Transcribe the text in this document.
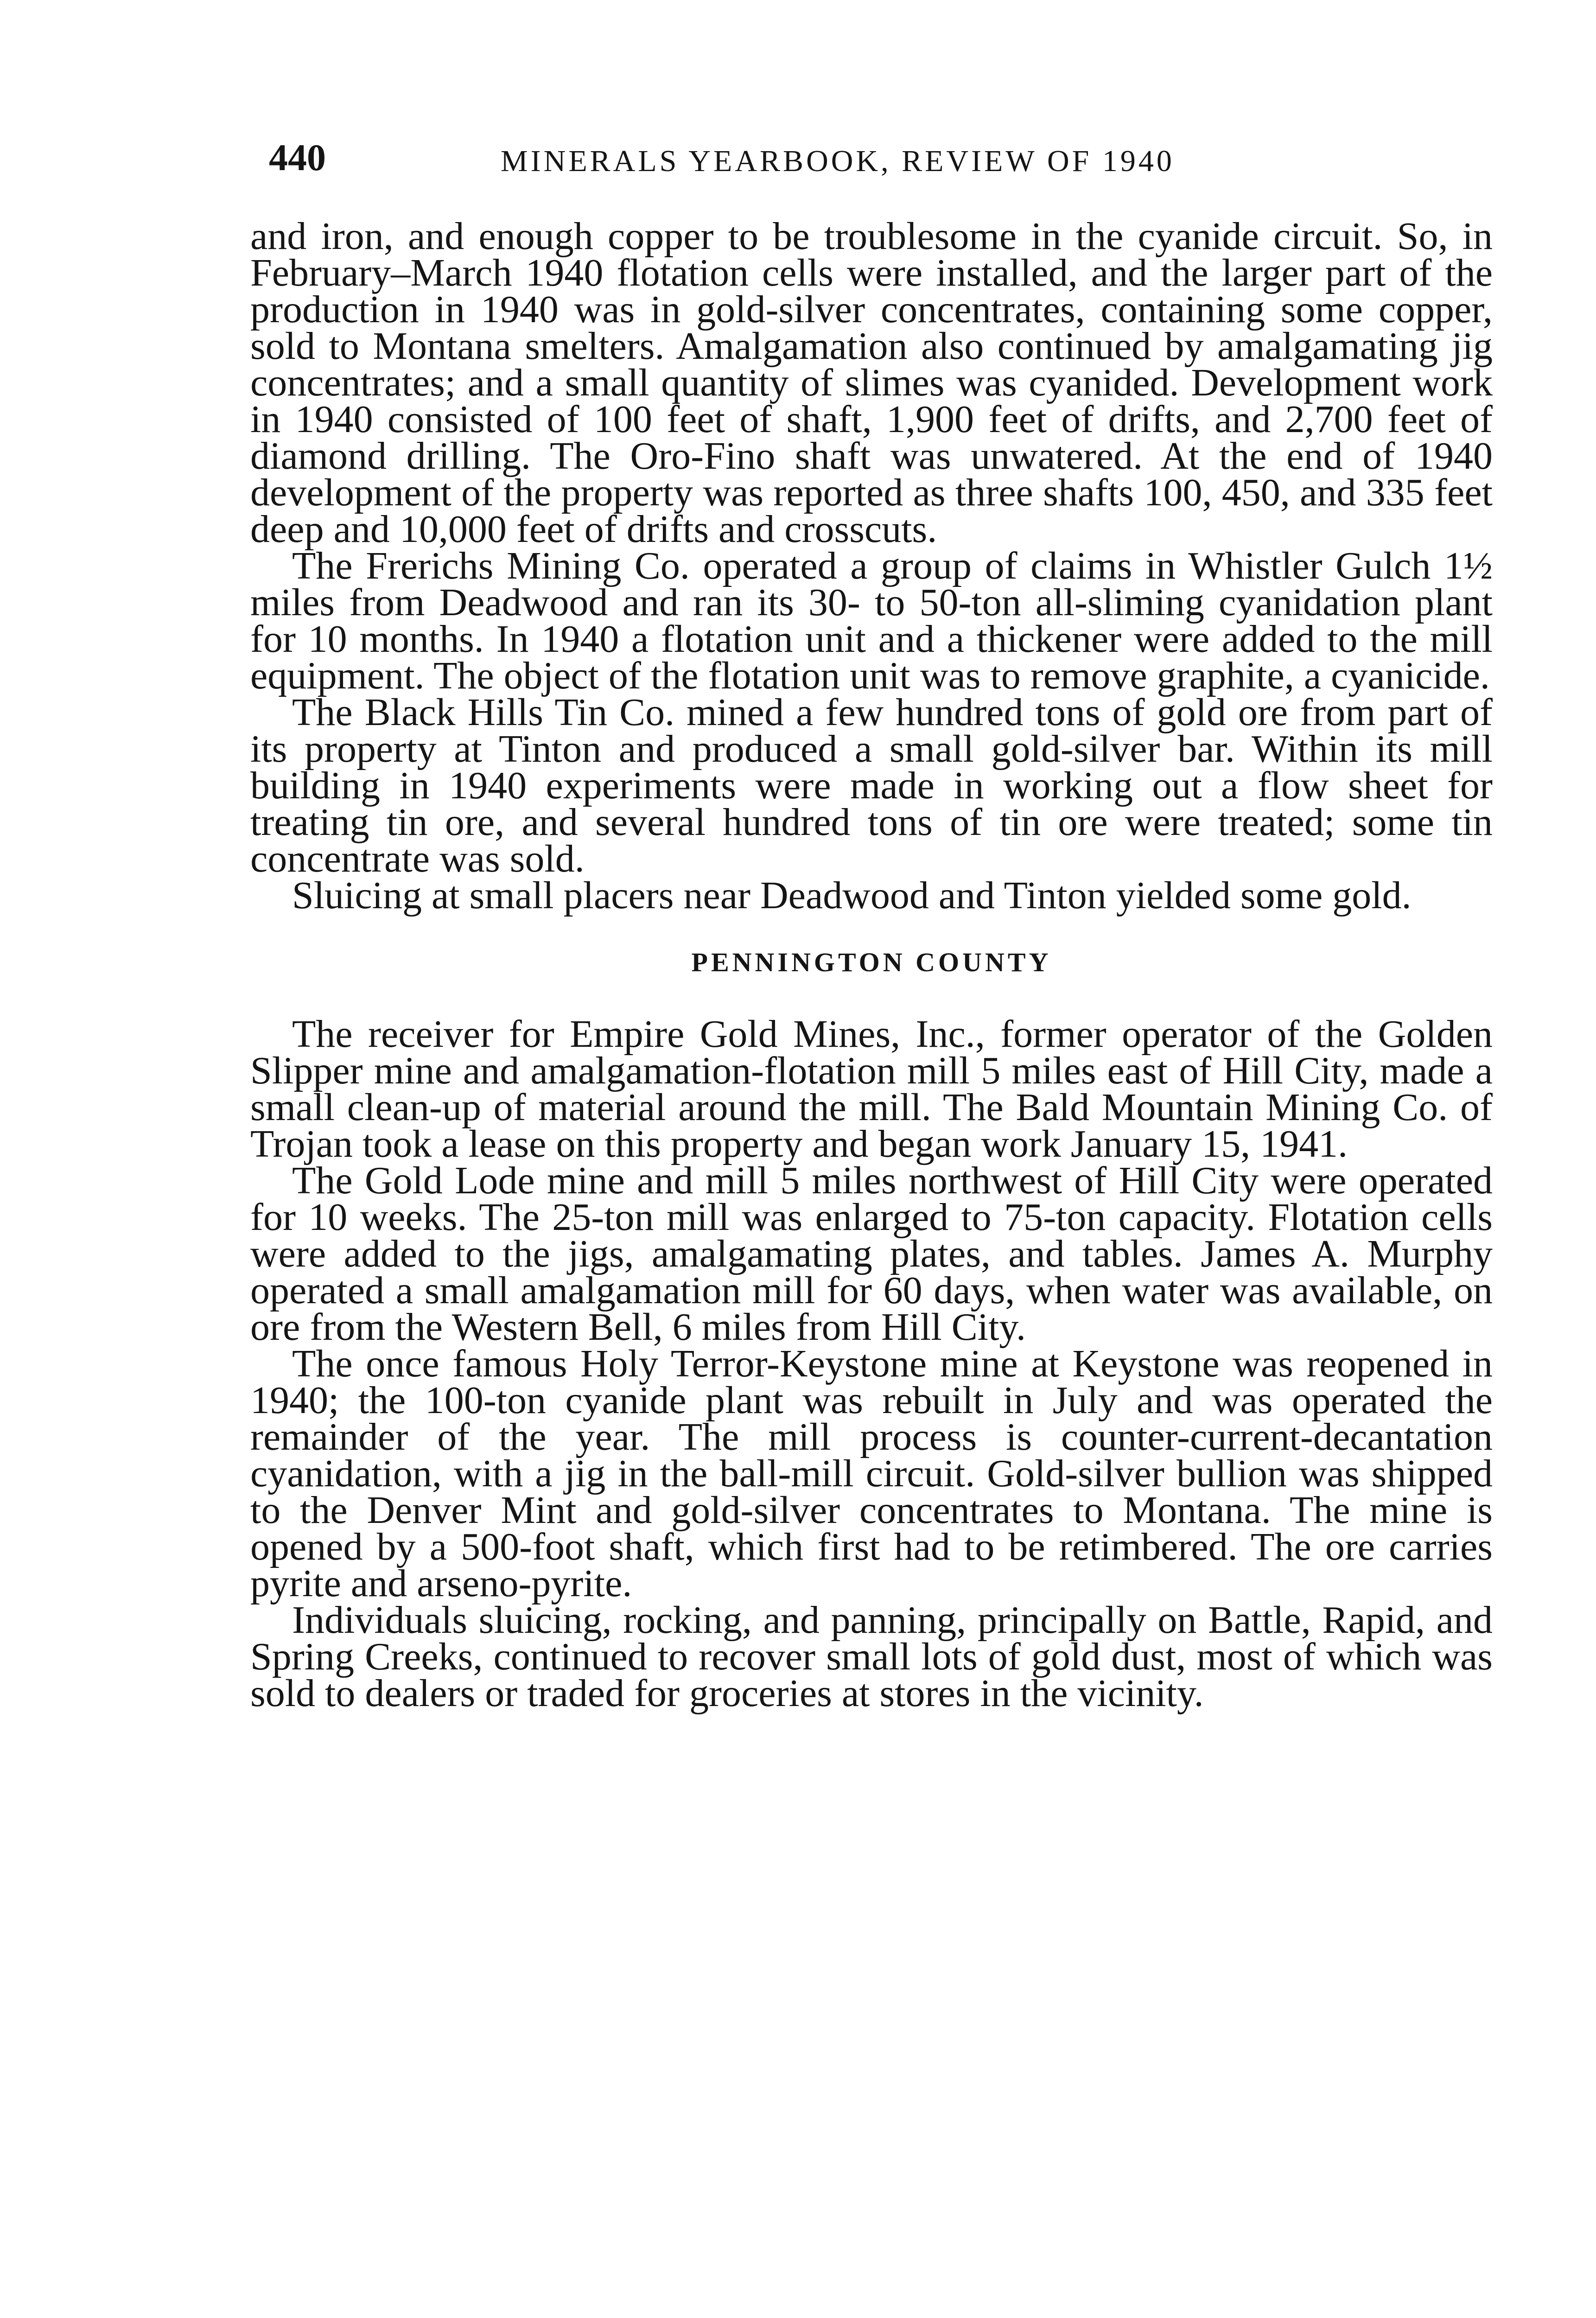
440	MINERALS YEARBOOK, REVIEW OF 1940

and iron, and enough copper to be troublesome in the cyanide circuit. So, in February–March 1940 flotation cells were installed, and the larger part of the production in 1940 was in gold-silver concentrates, containing some copper, sold to Montana smelters. Amalgamation also continued by amalgamating jig concentrates; and a small quantity of slimes was cyanided. Development work in 1940 consisted of 100 feet of shaft, 1,900 feet of drifts, and 2,700 feet of diamond drilling. The Oro-Fino shaft was unwatered. At the end of 1940 development of the property was reported as three shafts 100, 450, and 335 feet deep and 10,000 feet of drifts and crosscuts.

The Frerichs Mining Co. operated a group of claims in Whistler Gulch 1½ miles from Deadwood and ran its 30- to 50-ton all-sliming cyanidation plant for 10 months. In 1940 a flotation unit and a thickener were added to the mill equipment. The object of the flotation unit was to remove graphite, a cyanicide.

The Black Hills Tin Co. mined a few hundred tons of gold ore from part of its property at Tinton and produced a small gold-silver bar. Within its mill building in 1940 experiments were made in working out a flow sheet for treating tin ore, and several hundred tons of tin ore were treated; some tin concentrate was sold.

Sluicing at small placers near Deadwood and Tinton yielded some gold.

PENNINGTON COUNTY

The receiver for Empire Gold Mines, Inc., former operator of the Golden Slipper mine and amalgamation-flotation mill 5 miles east of Hill City, made a small clean-up of material around the mill. The Bald Mountain Mining Co. of Trojan took a lease on this property and began work January 15, 1941.

The Gold Lode mine and mill 5 miles northwest of Hill City were operated for 10 weeks. The 25-ton mill was enlarged to 75-ton capacity. Flotation cells were added to the jigs, amalgamating plates, and tables. James A. Murphy operated a small amalgamation mill for 60 days, when water was available, on ore from the Western Bell, 6 miles from Hill City.

The once famous Holy Terror-Keystone mine at Keystone was reopened in 1940; the 100-ton cyanide plant was rebuilt in July and was operated the remainder of the year. The mill process is counter-current-decantation cyanidation, with a jig in the ball-mill circuit. Gold-silver bullion was shipped to the Denver Mint and gold-silver concentrates to Montana. The mine is opened by a 500-foot shaft, which first had to be retimbered. The ore carries pyrite and arseno-pyrite.

Individuals sluicing, rocking, and panning, principally on Battle, Rapid, and Spring Creeks, continued to recover small lots of gold dust, most of which was sold to dealers or traded for groceries at stores in the vicinity.
